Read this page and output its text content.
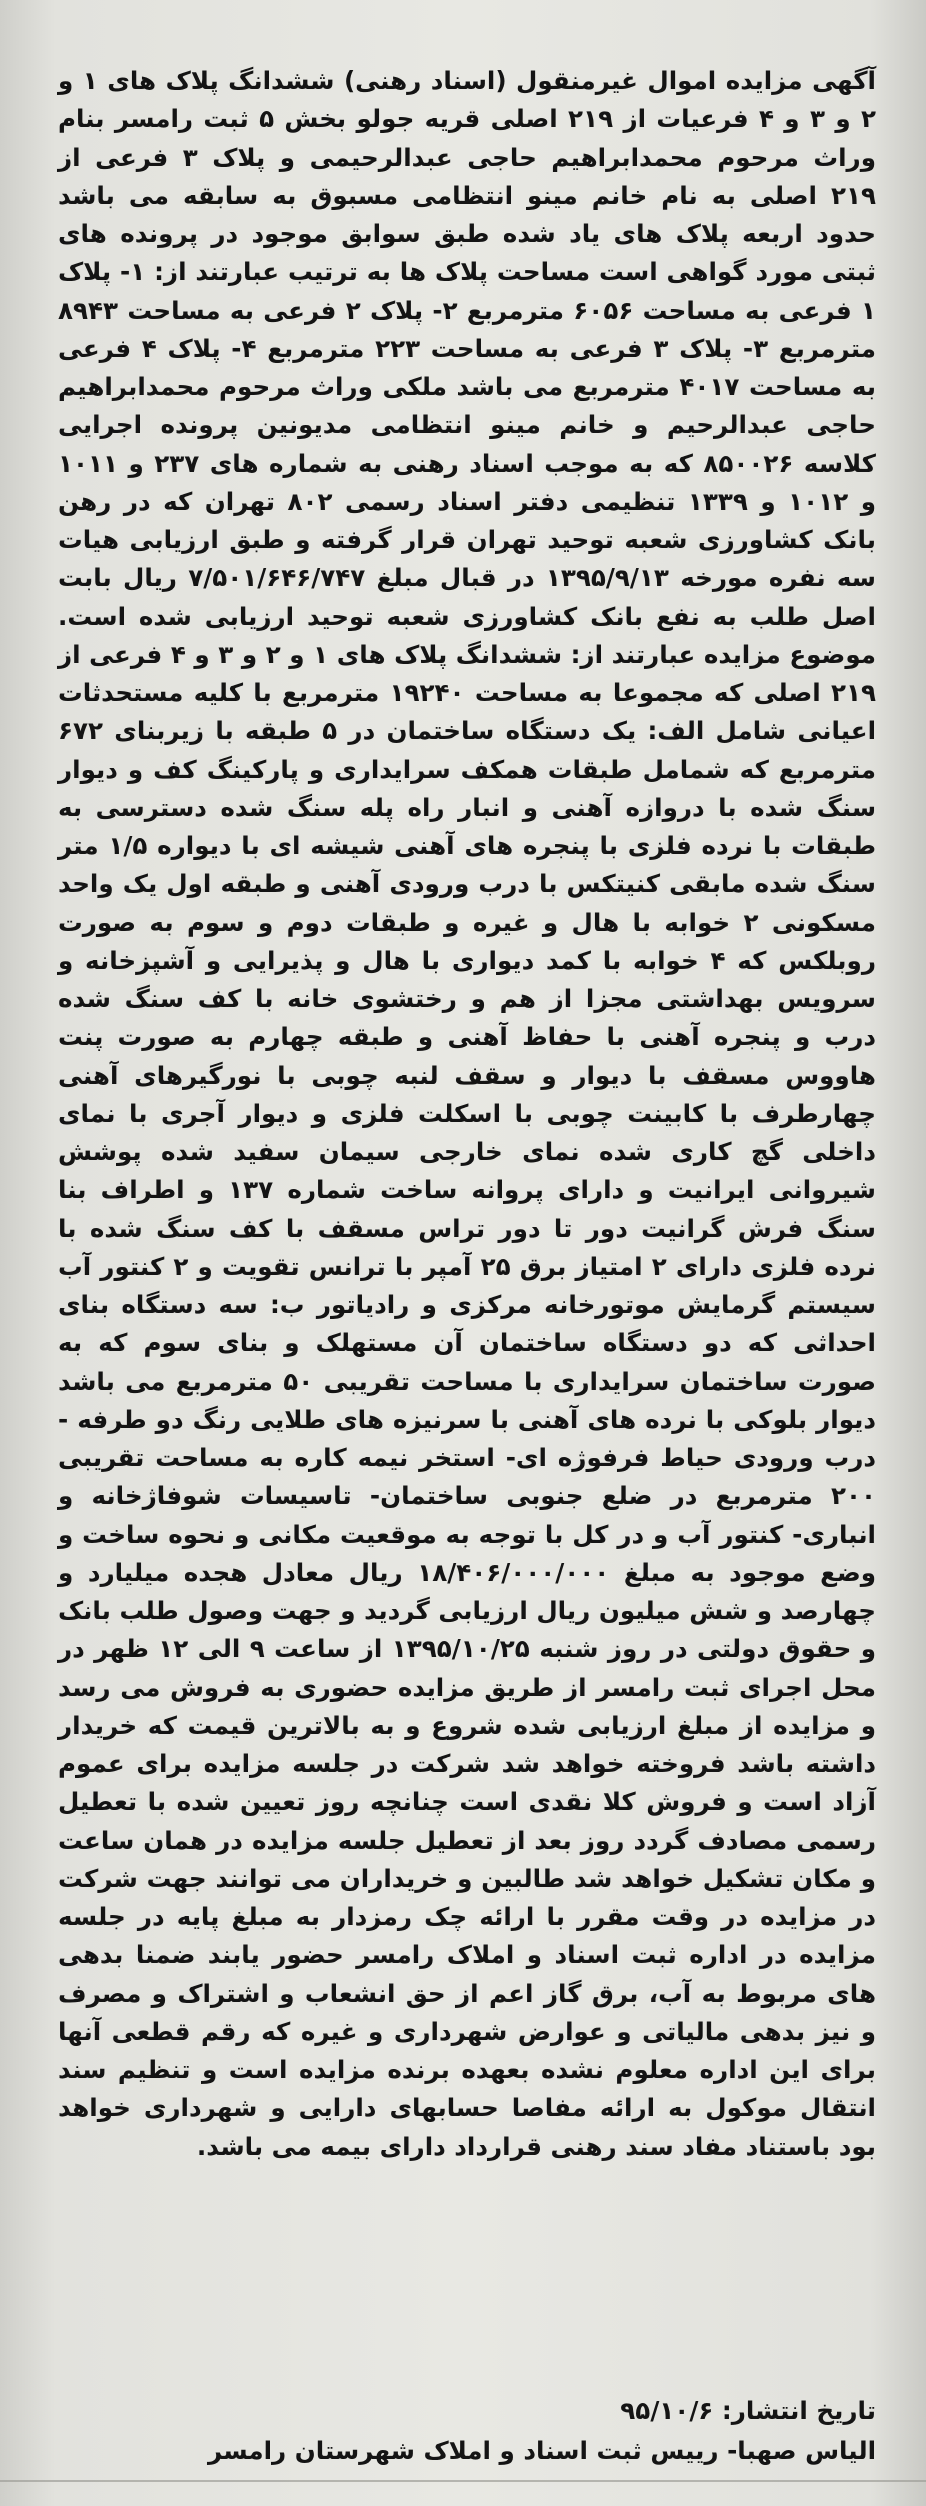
آگهی مزایده اموال غیرمنقول (اسناد رهنی) ششدانگ پلاک های ۱ و ۲ و ۳ و ۴ فرعیات از ۲۱۹ اصلی قریه جولو بخش ۵ ثبت رامسر بنام وراث مرحوم محمدابراهیم حاجی عبدالرحیمی و پلاک ۳ فرعی از ۲۱۹ اصلی به نام خانم مینو انتظامی مسبوق به سابقه می باشد حدود اربعه پلاک های یاد شده طبق سوابق موجود در پرونده های ثبتی مورد گواهی است مساحت پلاک ها به ترتیب عبارتند از: ۱- پلاک ۱ فرعی به مساحت ۶۰۵۶ مترمربع ۲- پلاک ۲ فرعی به مساحت ۸۹۴۳ مترمربع ۳- پلاک ۳ فرعی به مساحت ۲۲۳ مترمربع ۴- پلاک ۴ فرعی به مساحت ۴۰۱۷ مترمربع می باشد ملکی وراث مرحوم محمدابراهیم حاجی عبدالرحیم و خانم مینو انتظامی مدیونین پرونده اجرایی کلاسه ۸۵۰۰۲۶ که به موجب اسناد رهنی به شماره های ۲۳۷ و ۱۰۱۱ و ۱۰۱۲ و ۱۳۳۹ تنظیمی دفتر اسناد رسمی ۸۰۲ تهران که در رهن بانک کشاورزی شعبه توحید تهران قرار گرفته و طبق ارزیابی هیات سه نفره مورخه ۱۳۹۵/۹/۱۳ در قبال مبلغ ۷/۵۰۱/۶۴۶/۷۴۷ ریال بابت اصل طلب به نفع بانک کشاورزی شعبه توحید ارزیابی شده است. موضوع مزایده عبارتند از: ششدانگ پلاک های ۱ و ۲ و ۳ و ۴ فرعی از ۲۱۹ اصلی که مجموعا به مساحت ۱۹۲۴۰ مترمربع با کلیه مستحدثات اعیانی شامل الف: یک دستگاه ساختمان در ۵ طبقه با زیربنای ۶۷۲ مترمربع که شمامل طبقات همکف سرایداری و پارکینگ کف و دیوار سنگ شده با دروازه آهنی و انبار راه پله سنگ شده دسترسی به طبقات با نرده فلزی با پنجره های آهنی شیشه ای با دیواره ۱/۵ متر سنگ شده مابقی کنیتکس با درب ورودی آهنی و طبقه اول یک واحد مسکونی ۲ خوابه با هال و غیره و طبقات دوم و سوم به صورت روبلکس که ۴ خوابه با کمد دیواری با هال و پذیرایی و آشپزخانه و سرویس بهداشتی مجزا از هم و رختشوی خانه با کف سنگ شده درب و پنجره آهنی با حفاظ آهنی و طبقه چهارم به صورت پنت هاووس مسقف با دیوار و سقف لنبه چوبی با نورگیرهای آهنی چهارطرف با کابینت چوبی با اسکلت فلزی و دیوار آجری با نمای داخلی گچ کاری شده نمای خارجی سیمان سفید شده پوشش شیروانی ایرانیت و دارای پروانه ساخت شماره ۱۳۷ و اطراف بنا سنگ فرش گرانیت دور تا دور تراس مسقف با کف سنگ شده با نرده فلزی دارای ۲ امتیاز برق ۲۵ آمپر با ترانس تقویت و ۲ کنتور آب سیستم گرمایش موتورخانه مرکزی و رادیاتور ب: سه دستگاه بنای احداثی که دو دستگاه ساختمان آن مستهلک و بنای سوم که به صورت ساختمان سرایداری با مساحت تقریبی ۵۰ مترمربع می باشد دیوار بلوکی با نرده های آهنی با سرنیزه های طلایی رنگ دو طرفه - درب ورودی حیاط فرفوژه ای- استخر نیمه کاره به مساحت تقریبی ۲۰۰ مترمربع در ضلع جنوبی ساختمان- تاسیسات شوفاژخانه و انباری- کنتور آب و در کل با توجه به موقعیت مکانی و نحوه ساخت و وضع موجود به مبلغ ۱۸/۴۰۶/۰۰۰/۰۰۰ ریال معادل هجده میلیارد و چهارصد و شش میلیون ریال ارزیابی گردید و جهت وصول طلب بانک و حقوق دولتی در روز شنبه ۱۳۹۵/۱۰/۲۵ از ساعت ۹ الی ۱۲ ظهر در محل اجرای ثبت رامسر از طریق مزایده حضوری به فروش می رسد و مزایده از مبلغ ارزیابی شده شروع و به بالاترین قیمت که خریدار داشته باشد فروخته خواهد شد شرکت در جلسه مزایده برای عموم آزاد است و فروش کلا نقدی است چنانچه روز تعیین شده با تعطیل رسمی مصادف گردد روز بعد از تعطیل جلسه مزایده در همان ساعت و مکان تشکیل خواهد شد طالبین و خریداران می توانند جهت شرکت در مزایده در وقت مقرر با ارائه چک رمزدار به مبلغ پایه در جلسه مزایده در اداره ثبت اسناد و املاک رامسر حضور یابند ضمنا بدهی های مربوط به آب، برق گاز اعم از حق انشعاب و اشتراک و مصرف و نیز بدهی مالیاتی و عوارض شهرداری و غیره که رقم قطعی آنها برای این اداره معلوم نشده بعهده برنده مزایده است و تنظیم سند انتقال موکول به ارائه مفاصا حسابهای دارایی و شهرداری خواهد بود باستناد مفاد سند رهنی قرارداد دارای بیمه می باشد.
تاریخ انتشار: ۹۵/۱۰/۶
الیاس صهبا- رییس ثبت اسناد و املاک شهرستان رامسر
